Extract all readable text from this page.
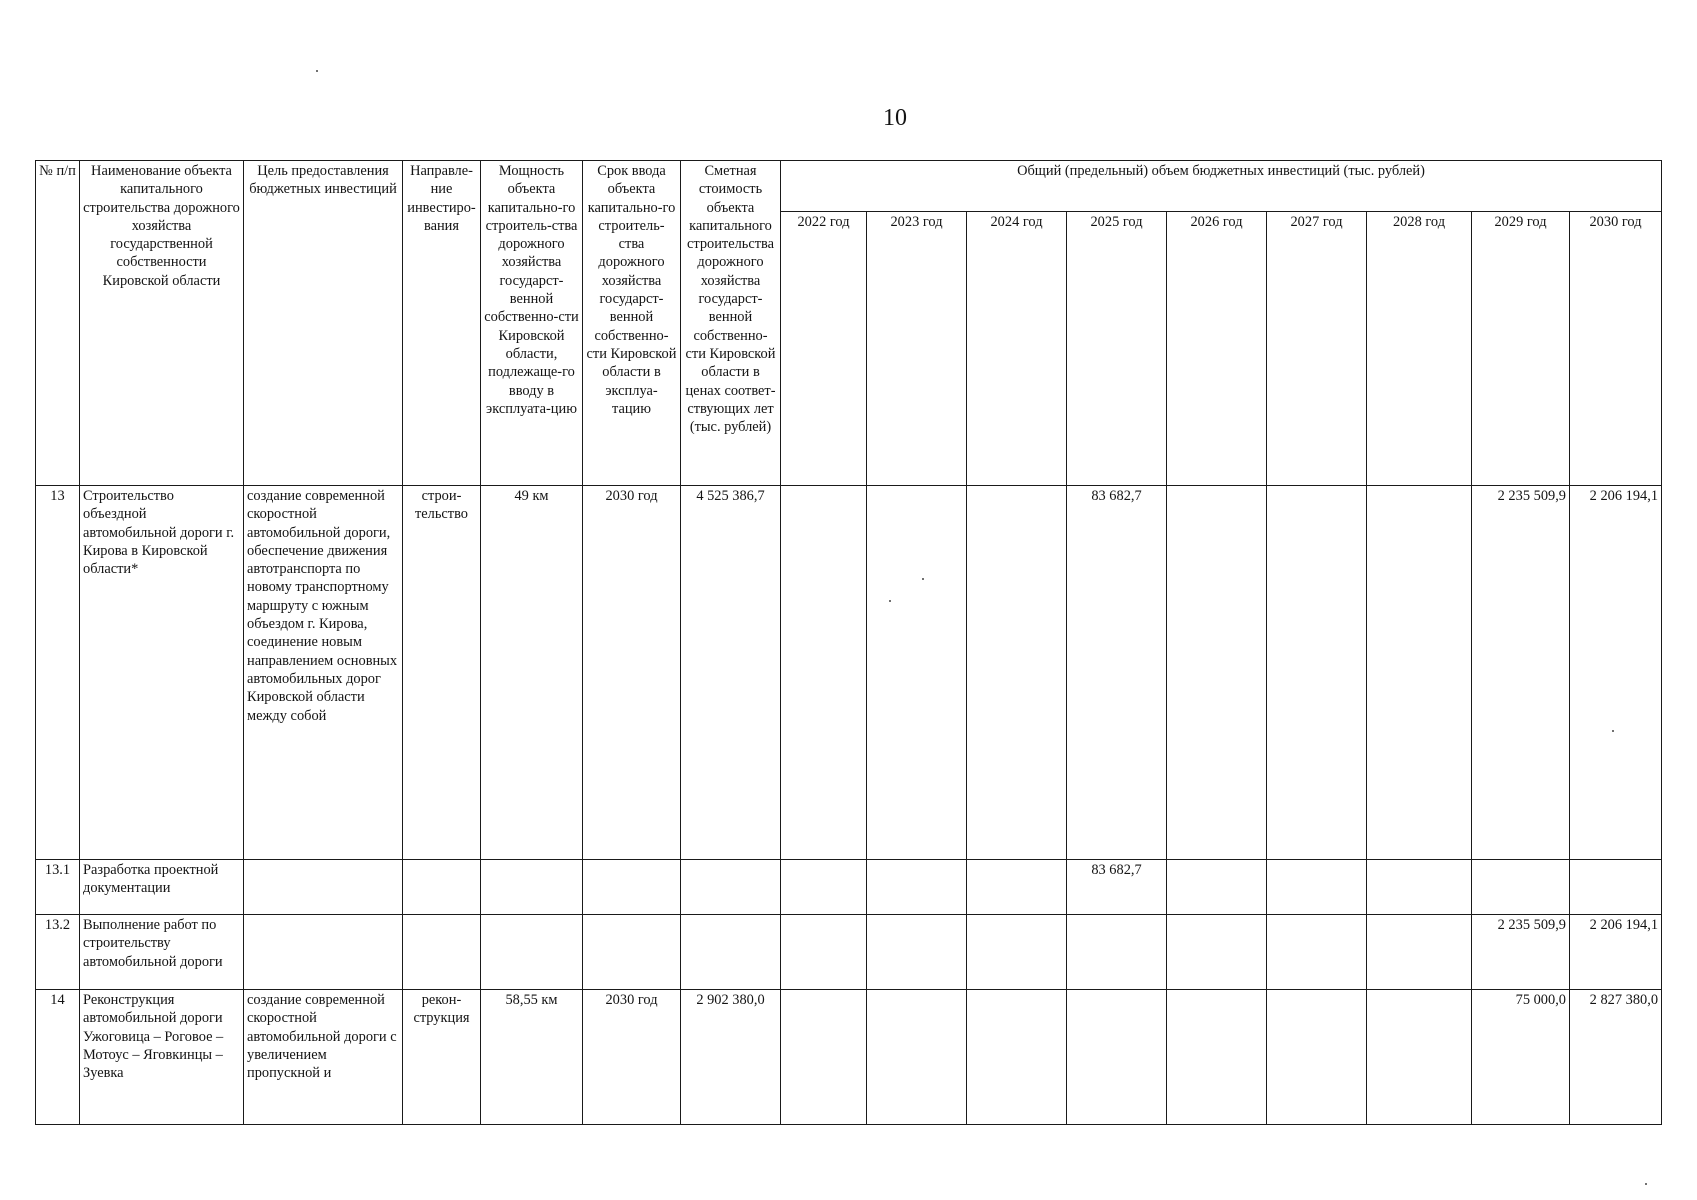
10
№ п/п	Наименование объекта капитального строительства дорожного хозяйства государственной собственности Кировской области	Цель предоставления бюджетных инвестиций	Направле-ние инвестиро-вания	Мощность объекта капитально-го строитель-ства дорожного хозяйства государст-венной собственно-сти Кировской области, подлежаще-го вводу в эксплуата-цию	Срок ввода объекта капитально-го строитель-ства дорожного хозяйства государст-венной собственно-сти Кировской области в эксплуа-тацию	Сметная стоимость объекта капитального строительства дорожного хозяйства государст-венной собственно-сти Кировской области в ценах соответ-ствующих лет (тыс. рублей)	Общий (предельный) объем бюджетных инвестиций (тыс. рублей)								
							2022 год	2023 год	2024 год	2025 год	2026 год	2027 год	2028 год	2029 год	2030 год
13	Строительство объездной автомобильной дороги г. Кирова в Кировской области*	создание современной скоростной автомобильной дороги, обеспечение движения автотранспорта по новому транспортному маршруту с южным объездом г. Кирова, соединение новым направлением основных автомобильных дорог Кировской области между собой	строи-тельство	49 км	2030 год	4 525 386,7				83 682,7				2 235 509,9	2 206 194,1
13.1	Разработка проектной документации									83 682,7					
13.2	Выполнение работ по строительству автомобильной дороги													2 235 509,9	2 206 194,1
14	Реконструкция автомобильной дороги Ужоговица – Роговое – Мотоус – Яговкинцы – Зуевка	создание современной скоростной автомобильной дороги с увеличением пропускной и	рекон-струкция	58,55 км	2030 год	2 902 380,0								75 000,0	2 827 380,0
